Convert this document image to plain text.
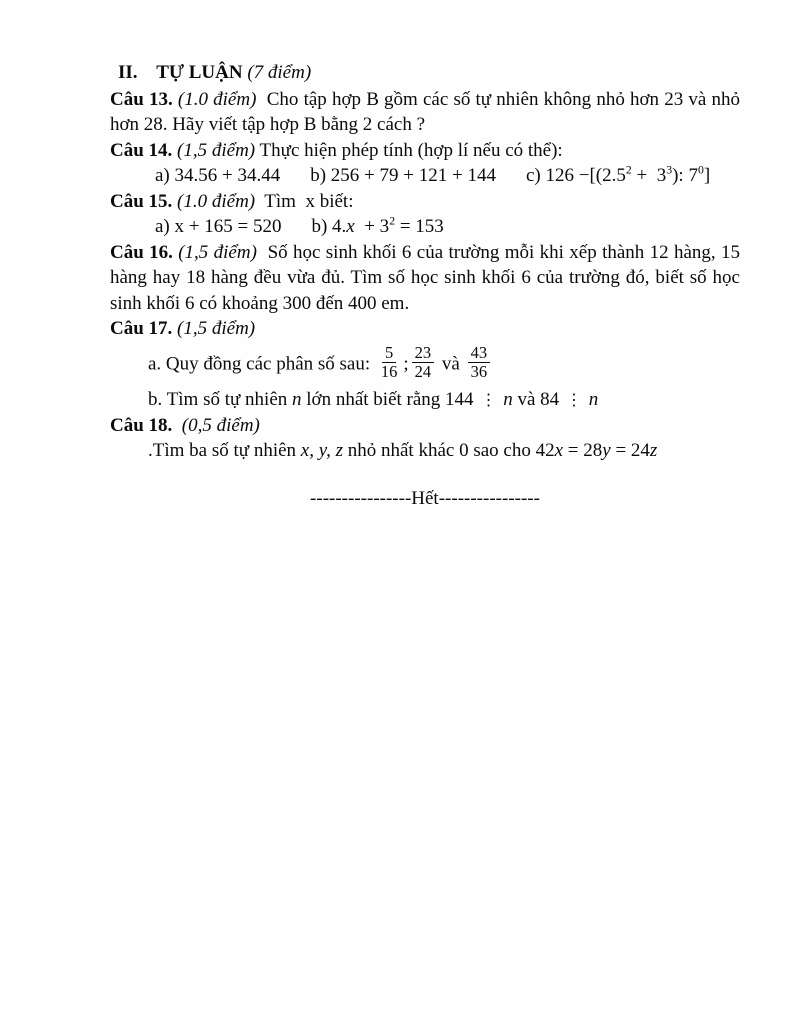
II.    TỰ LUẬN (7 điểm)
Câu 13. (1.0 điểm)  Cho tập hợp B gồm các số tự nhiên không nhỏ hơn 23 và nhỏ hơn 28. Hãy viết tập hợp B bằng 2 cách ?
Câu 14. (1,5 điểm) Thực hiện phép tính (hợp lí nếu có thể):
a) 34.56 + 34.44 b) 256 + 79 + 121 + 144 c) $126 -[(2.5^2 + 3^3)$: $7^0$]
Câu 15. (1.0 điểm)  Tìm  x biết:
a) x + 165 = 520 b) $4.x + 3^2 = 153$
Câu 16. (1,5 điểm)  Số học sinh khối 6 của trường mỗi khi xếp thành 12 hàng, 15 hàng hay 18 hàng đều vừa đủ. Tìm số học sinh khối 6 của trường đó, biết số học sinh khối 6 có khoảng 300 đến 400 em.
Câu 17. (1,5 điểm)
a. Quy đồng các phân số sau: $\frac{5}{16}$ ; $\frac{23}{24}$ và $\frac{43}{36}$
b. Tìm số tự nhiên n lớn nhất biết rằng 144 ⋮ n và 84 ⋮ n
Câu 18.  (0,5 điểm)
.Tìm ba số tự nhiên x, y, z nhỏ nhất khác 0 sao cho 42x = 28y = 24z
----------------Hết----------------
